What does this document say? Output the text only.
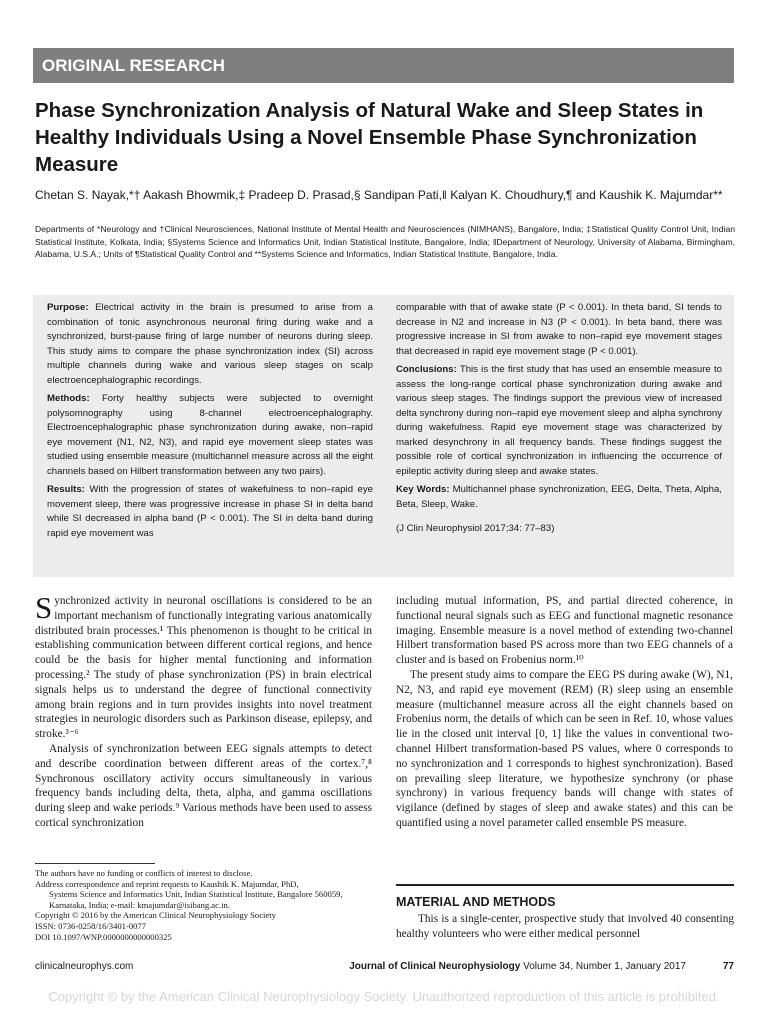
ORIGINAL RESEARCH
Phase Synchronization Analysis of Natural Wake and Sleep States in Healthy Individuals Using a Novel Ensemble Phase Synchronization Measure
Chetan S. Nayak,*† Aakash Bhowmik,‡ Pradeep D. Prasad,§ Sandipan Pati,‖ Kalyan K. Choudhury,¶ and Kaushik K. Majumdar**
Departments of *Neurology and †Clinical Neurosciences, National Institute of Mental Health and Neurosciences (NIMHANS), Bangalore, India; ‡Statistical Quality Control Unit, Indian Statistical Institute, Kolkata, India; §Systems Science and Informatics Unit, Indian Statistical Institute, Bangalore, India; ‖Department of Neurology, University of Alabama, Birmingham, Alabama, U.S.A.; Units of ¶Statistical Quality Control and **Systems Science and Informatics, Indian Statistical Institute, Bangalore, India.

Purpose: Electrical activity in the brain is presumed to arise from a combination of tonic asynchronous neuronal firing during wake and a synchronized, burst-pause firing of large number of neurons during sleep. This study aims to compare the phase synchronization index (SI) across multiple channels during wake and various sleep stages on scalp electroencephalographic recordings.

Methods: Forty healthy subjects were subjected to overnight polysomnography using 8-channel electroencephalography. Electroencephalographic phase synchronization during awake, non–rapid eye movement (N1, N2, N3), and rapid eye movement sleep states was studied using ensemble measure (multichannel measure across all the eight channels based on Hilbert transformation between any two pairs).

Results: With the progression of states of wakefulness to non–rapid eye movement sleep, there was progressive increase in phase SI in delta band while SI decreased in alpha band (P < 0.001). The SI in delta band during rapid eye movement was

comparable with that of awake state (P < 0.001). In theta band, SI tends to decrease in N2 and increase in N3 (P < 0.001). In beta band, there was progressive increase in SI from awake to non–rapid eye movement stages that decreased in rapid eye movement stage (P < 0.001).

Conclusions: This is the first study that has used an ensemble measure to assess the long-range cortical phase synchronization during awake and various sleep stages. The findings support the previous view of increased delta synchrony during non–rapid eye movement sleep and alpha synchrony during wakefulness. Rapid eye movement stage was characterized by marked desynchrony in all frequency bands. These findings suggest the possible role of cortical synchronization in influencing the occurrence of epileptic activity during sleep and awake states.

Key Words: Multichannel phase synchronization, EEG, Delta, Theta, Alpha, Beta, Sleep, Wake.

(J Clin Neurophysiol 2017;34: 77–83)

Synchronized activity in neuronal oscillations is considered to be an important mechanism of functionally integrating various anatomically distributed brain processes.¹ This phenomenon is thought to be critical in establishing communication between different cortical regions, and hence could be the basis for higher mental functioning and information processing.² The study of phase synchronization (PS) in brain electrical signals helps us to understand the degree of functional connectivity among brain regions and in turn provides insights into novel treatment strategies in neurologic disorders such as Parkinson disease, epilepsy, and stroke.³⁻⁶

Analysis of synchronization between EEG signals attempts to detect and describe coordination between different areas of the cortex.⁷,⁸ Synchronous oscillatory activity occurs simultaneously in various frequency bands including delta, theta, alpha, and gamma oscillations during sleep and wake periods.⁹ Various methods have been used to assess cortical synchronization

including mutual information, PS, and partial directed coherence, in functional neural signals such as EEG and functional magnetic resonance imaging. Ensemble measure is a novel method of extending two-channel Hilbert transformation based PS across more than two EEG channels of a cluster and is based on Frobenius norm.¹⁰

The present study aims to compare the EEG PS during awake (W), N1, N2, N3, and rapid eye movement (REM) (R) sleep using an ensemble measure (multichannel measure across all the eight channels based on Frobenius norm, the details of which can be seen in Ref. 10, whose values lie in the closed unit interval [0, 1] like the values in conventional two-channel Hilbert transformation-based PS values, where 0 corresponds to no synchronization and 1 corresponds to highest synchronization). Based on prevailing sleep literature, we hypothesize synchrony (or phase synchrony) in various frequency bands will change with states of vigilance (defined by stages of sleep and awake states) and this can be quantified using a novel parameter called ensemble PS measure.

The authors have no funding or conflicts of interest to disclose.
Address correspondence and reprint requests to Kaushik K. Majumdar, PhD,
Systems Science and Informatics Unit, Indian Statistical Institute, Bangalore 560059, Karnataka, India; e-mail: kmajumdar@isibang.ac.in.
Copyright © 2016 by the American Clinical Neurophysiology Society
ISSN: 0736-0258/16/3401-0077
DOI 10.1097/WNP.0000000000000325
MATERIAL AND METHODS

This is a single-center, prospective study that involved 40 consenting healthy volunteers who were either medical personnel

clinicalneurophys.com	Journal of Clinical Neurophysiology Volume 34, Number 1, January 2017	77
Copyright © by the American Clinical Neurophysiology Society. Unauthorized reproduction of this article is prohibited.
